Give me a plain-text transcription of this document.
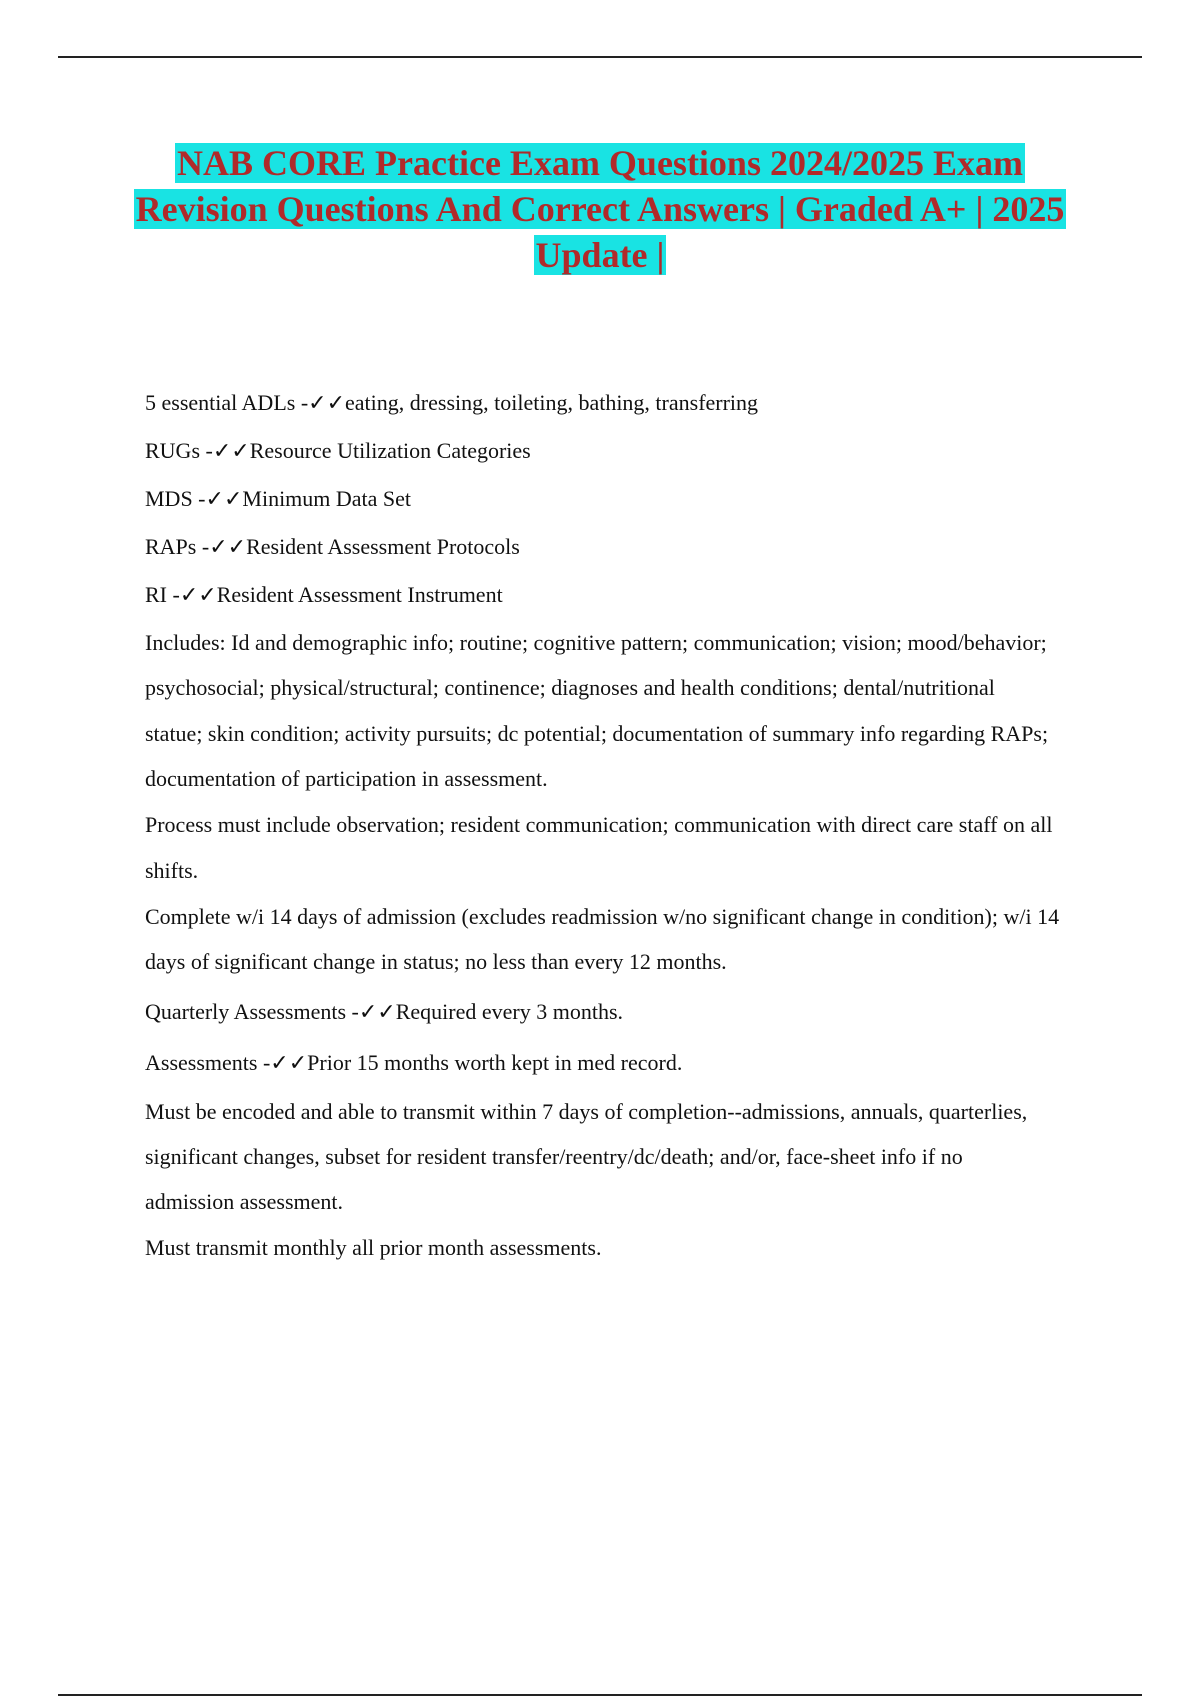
NAB CORE Practice Exam Questions 2024/2025 Exam Revision Questions And Correct Answers | Graded A+ | 2025 Update |

5 essential ADLs -✓✓eating, dressing, toileting, bathing, transferring

RUGs -✓✓Resource Utilization Categories

MDS -✓✓Minimum Data Set

RAPs -✓✓Resident Assessment Protocols

RI -✓✓Resident Assessment Instrument

Includes: Id and demographic info; routine; cognitive pattern; communication; vision; mood/behavior;

psychosocial; physical/structural; continence; diagnoses and health conditions; dental/nutritional

statue; skin condition; activity pursuits; dc potential; documentation of summary info regarding RAPs;

documentation of participation in assessment.

Process must include observation; resident communication; communication with direct care staff on all

shifts.

Complete w/i 14 days of admission (excludes readmission w/no significant change in condition); w/i 14

days of significant change in status; no less than every 12 months.

Quarterly Assessments -✓✓Required every 3 months.

Assessments -✓✓Prior 15 months worth kept in med record.

Must be encoded and able to transmit within 7 days of completion--admissions, annuals, quarterlies,

significant changes, subset for resident transfer/reentry/dc/death; and/or, face-sheet info if no

admission assessment.

Must transmit monthly all prior month assessments.
